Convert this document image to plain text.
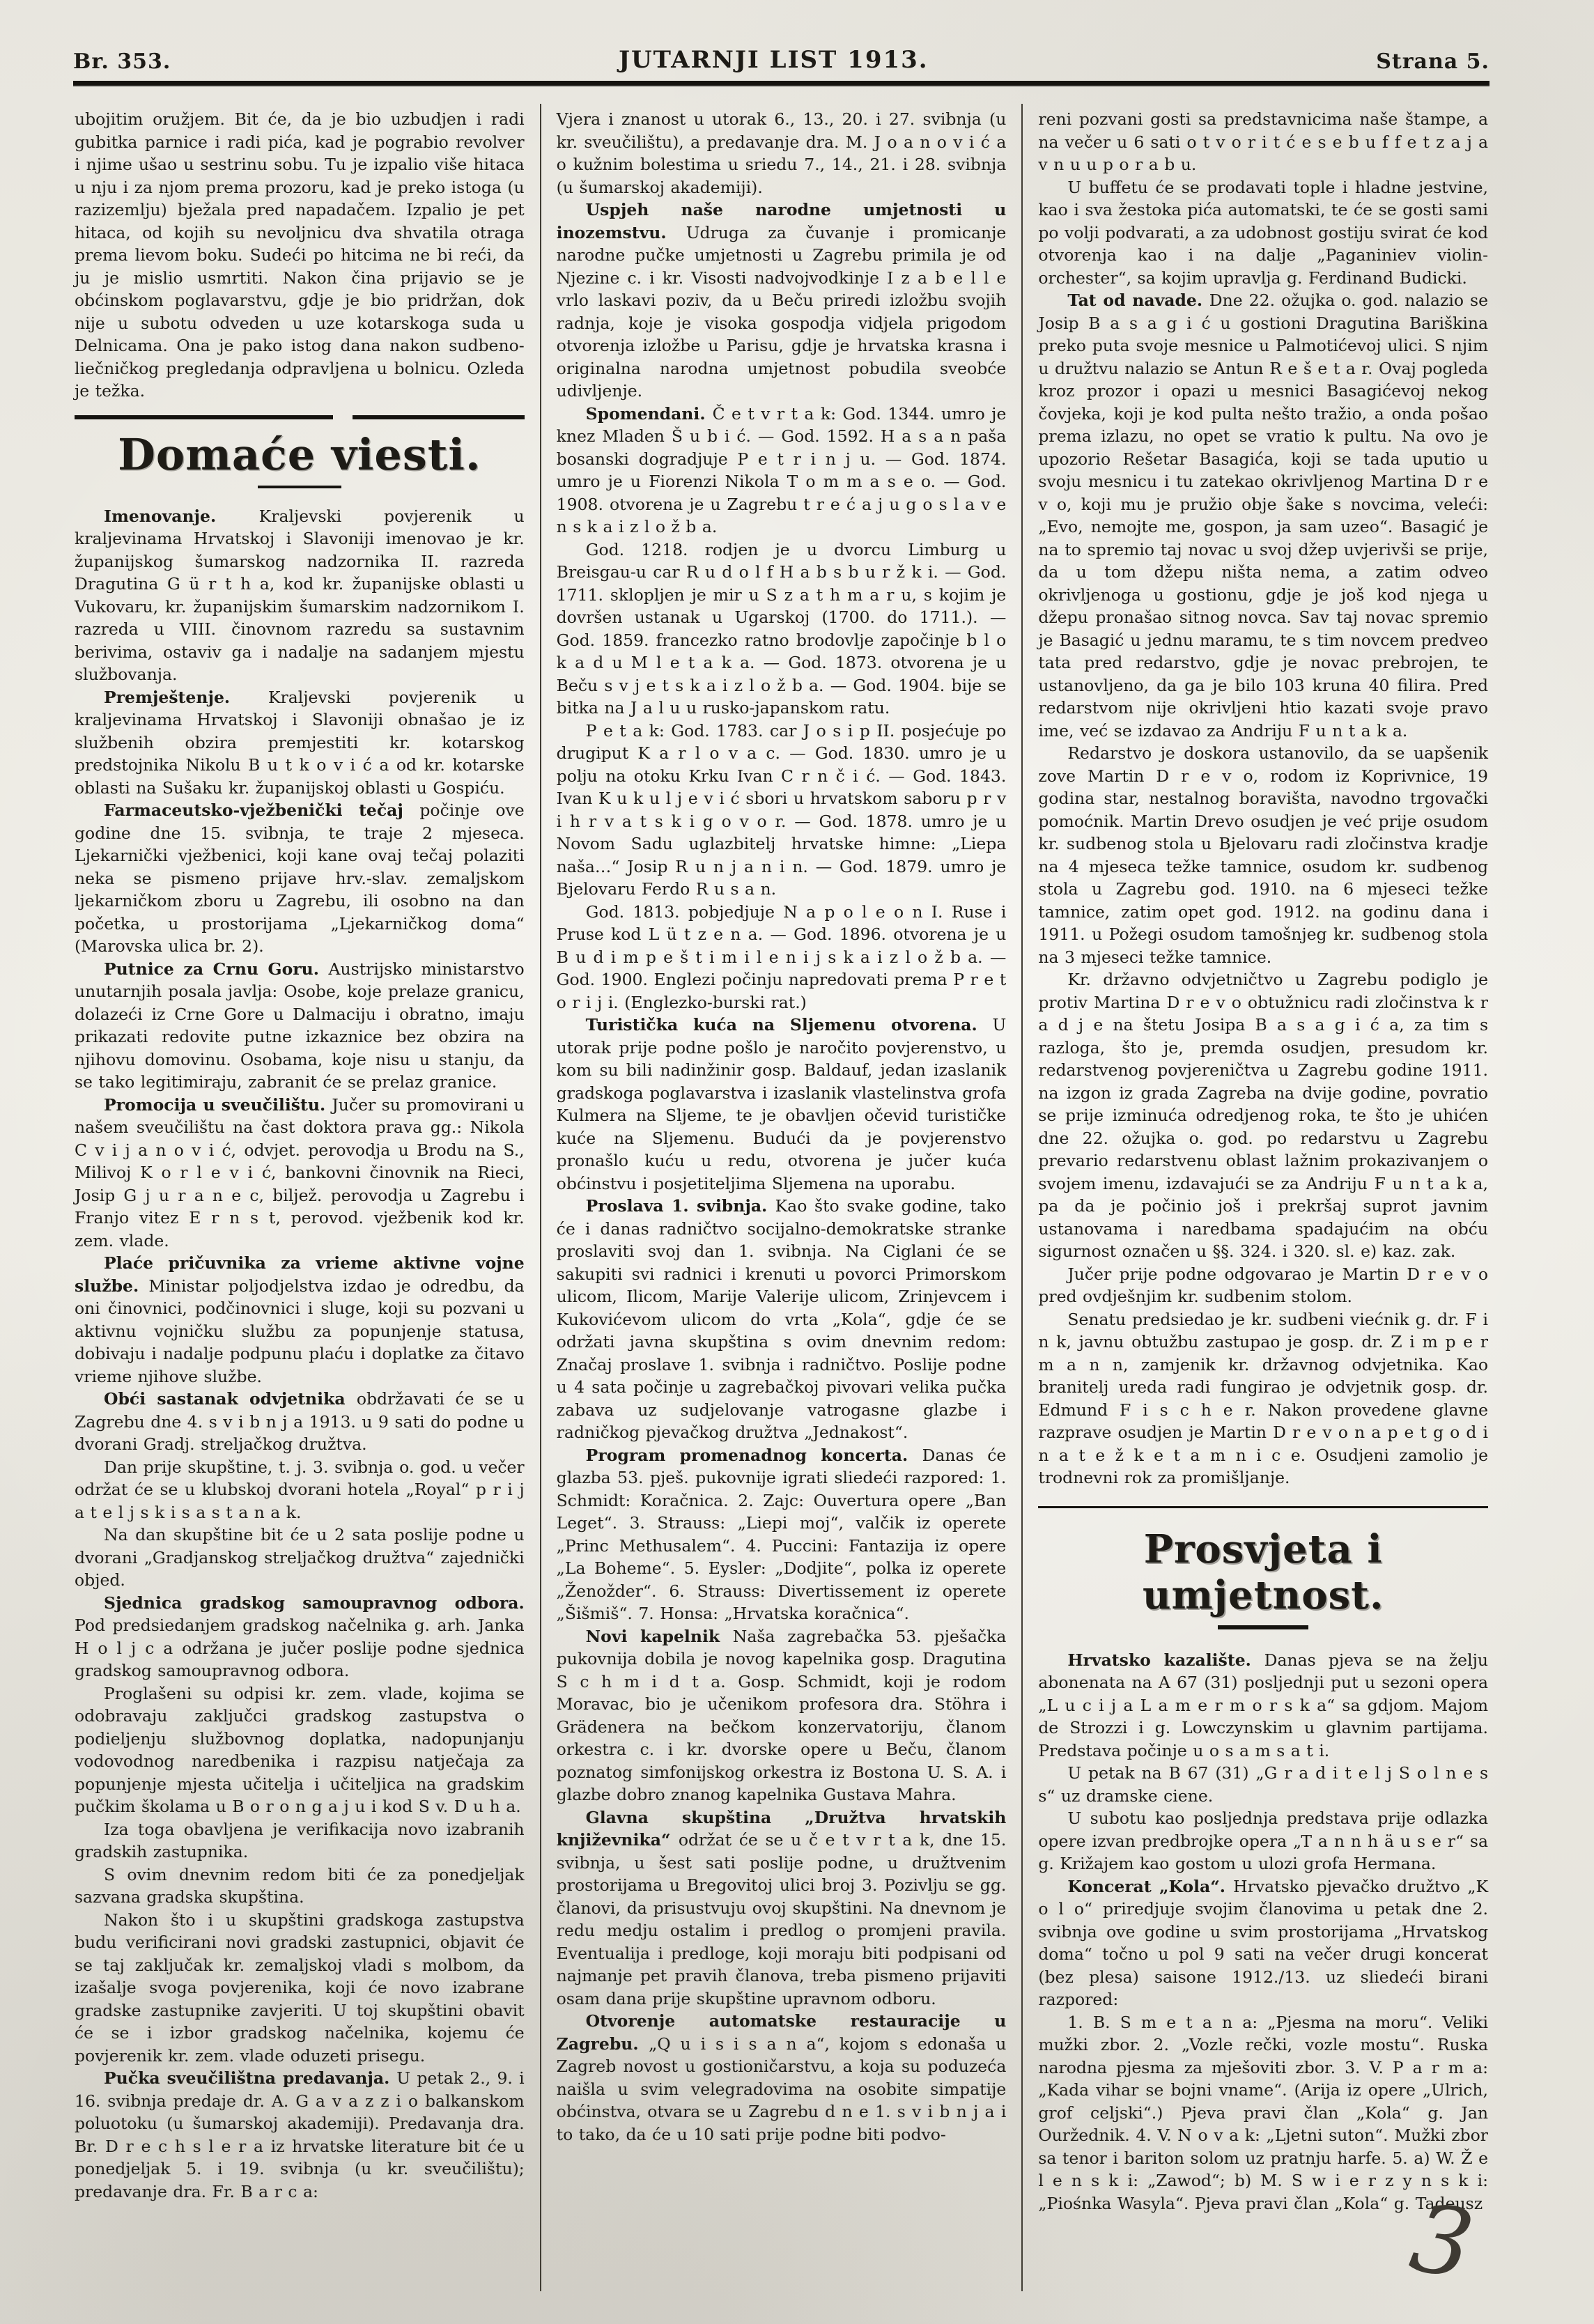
Br. 353.	JUTARNJI LIST 1913.	Strana 5.
ubojitim oružjem. Bit će, da je bio uzbudjen i radi gubitka parnice i radi pića, kad je pograbio revolver i njime ušao u sestrinu sobu. Tu je izpalio više hitaca u nju i za njom prema prozoru, kad je preko istoga (u razizemlju) bježala pred napadačem. Izpalio je pet hitaca, od kojih su nevoljnicu dva shvatila otraga prema lievom boku. Sudeći po hitcima ne bi reći, da ju je mislio usmrtiti. Nakon čina prijavio se je obćinskom poglavarstvu, gdje je bio pridržan, dok nije u subotu odveden u uze kotarskoga suda u Delnicama. Ona je pako istog dana nakon sudbeno-liečničkog pregledanja odpravljena u bolnicu. Ozleda je težka.
Domaće viesti.
Imenovanje. Kraljevski povjerenik u kraljevinama Hrvatskoj i Slavoniji imenovao je kr. županijskog šumarskog nadzornika II. razreda Dragutina G ü r t h a, kod kr. županijske oblasti u Vukovaru, kr. županijskim šumarskim nadzornikom I. razreda u VIII. činovnom razredu sa sustavnim berivima, ostaviv ga i nadalje na sadanjem mjestu službovanja.
Premještenje. Kraljevski povjerenik u kraljevinama Hrvatskoj i Slavoniji obnašao je iz službenih obzira premjestiti kr. kotarskog predstojnika Nikolu B u t k o v i ć a od kr. kotarske oblasti na Sušaku kr. županijskoj oblasti u Gospiću.
Farmaceutsko-vježbenički tečaj počinje ove godine dne 15. svibnja, te traje 2 mjeseca. Ljekarnički vježbenici, koji kane ovaj tečaj polaziti neka se pismeno prijave hrv.-slav. zemaljskom ljekarničkom zboru u Zagrebu, ili osobno na dan početka, u prostorijama „Ljekarničkog doma“ (Marovska ulica br. 2).
Putnice za Crnu Goru. Austrijsko ministarstvo unutarnjih posala javlja: Osobe, koje prelaze granicu, dolazeći iz Crne Gore u Dalmaciju i obratno, imaju prikazati redovite putne izkaznice bez obzira na njihovu domovinu. Osobama, koje nisu u stanju, da se tako legitimiraju, zabranit će se prelaz granice.
Promocija u sveučilištu. Jučer su promovirani u našem sveučilištu na čast doktora prava gg.: Nikola C v i j a n o v i ć, odvjet. perovodja u Brodu na S., Milivoj K o r l e v i ć, bankovni činovnik na Rieci, Josip G j u r a n e c, biljež. perovodja u Zagrebu i Franjo vitez E r n s t, perovod. vježbenik kod kr. zem. vlade.
Plaće pričuvnika za vrieme aktivne vojne službe. Ministar poljodjelstva izdao je odredbu, da oni činovnici, podčinovnici i sluge, koji su pozvani u aktivnu vojničku službu za popunjenje statusa, dobivaju i nadalje podpunu plaću i doplatke za čitavo vrieme njihove službe.
Obći sastanak odvjetnika obdržavati će se u Zagrebu dne 4. s v i b n j a 1913. u 9 sati do podne u dvorani Gradj. streljačkog družtva.
Dan prije skupštine, t. j. 3. svibnja o. god. u večer održat će se u klubskoj dvorani hotela „Royal“ p r i j a t e l j s k i s a s t a n a k.
Na dan skupštine bit će u 2 sata poslije podne u dvorani „Gradjanskog streljačkog družtva“ zajednički objed.
Sjednica gradskog samoupravnog odbora. Pod predsiedanjem gradskog načelnika g. arh. Janka H o l j c a održana je jučer poslije podne sjednica gradskog samoupravnog odbora.
Proglašeni su odpisi kr. zem. vlade, kojima se odobravaju zaključci gradskog zastupstva o podieljenju službovnog doplatka, nadopunjanju vodovodnog naredbenika i razpisu natječaja za popunjenje mjesta učitelja i učiteljica na gradskim pučkim školama u B o r o n g a j u i kod S v. D u h a.
Iza toga obavljena je verifikacija novo izabranih gradskih zastupnika.
S ovim dnevnim redom biti će za ponedjeljak sazvana gradska skupština.
Nakon što i u skupštini gradskoga zastupstva budu verificirani novi gradski zastupnici, objavit će se taj zaključak kr. zemaljskoj vladi s molbom, da izašalje svoga povjerenika, koji će novo izabrane gradske zastupnike zavjeriti. U toj skupštini obavit će se i izbor gradskog načelnika, kojemu će povjerenik kr. zem. vlade oduzeti prisegu.
Pučka sveučilištna predavanja. U petak 2., 9. i 16. svibnja predaje dr. A. G a v a z z i o balkanskom poluotoku (u šumarskoj akademiji). Predavanja dra. Br. D r e c h s l e r a iz hrvatske literature bit će u ponedjeljak 5. i 19. svibnja (u kr. sveučilištu); predavanje dra. Fr. B a r c a:
Vjera i znanost u utorak 6., 13., 20. i 27. svibnja (u kr. sveučilištu), a predavanje dra. M. J o a n o v i ć a o kužnim bolestima u sriedu 7., 14., 21. i 28. svibnja (u šumarskoj akademiji).
Uspjeh naše narodne umjetnosti u inozemstvu. Udruga za čuvanje i promicanje narodne pučke umjetnosti u Zagrebu primila je od Njezine c. i kr. Visosti nadvojvodkinje I z a b e l l e vrlo laskavi poziv, da u Beču priredi izložbu svojih radnja, koje je visoka gospodja vidjela prigodom otvorenja izložbe u Parisu, gdje je hrvatska krasna i originalna narodna umjetnost pobudila sveobće udivljenje.
Spomendani. Č e t v r t a k: God. 1344. umro je knez Mladen Š u b i ć. — God. 1592. H a s a n paša bosanski dogradjuje P e t r i n j u. — God. 1874. umro je u Fiorenzi Nikola T o m m a s e o. — God. 1908. otvorena je u Zagrebu t r e ć a j u g o s l a v e n s k a i z l o ž b a.
God. 1218. rodjen je u dvorcu Limburg u Breisgau-u car R u d o l f H a b s b u r ž k i. — God. 1711. sklopljen je mir u S z a t h m a r u, s kojim je dovršen ustanak u Ugarskoj (1700. do 1711.). — God. 1859. francezko ratno brodovlje započinje b l o k a d u M l e t a k a. — God. 1873. otvorena je u Beču s v j e t s k a i z l o ž b a. — God. 1904. bije se bitka na J a l u u rusko-japanskom ratu.
P e t a k: God. 1783. car J o s i p II. posjećuje po drugiput K a r l o v a c. — God. 1830. umro je u polju na otoku Krku Ivan C r n č i ć. — God. 1843. Ivan K u k u l j e v i ć sbori u hrvatskom saboru p r v i h r v a t s k i g o v o r. — God. 1878. umro je u Novom Sadu uglazbitelj hrvatske himne: „Liepa naša…“ Josip R u n j a n i n. — God. 1879. umro je Bjelovaru Ferdo R u s a n.
God. 1813. pobjedjuje N a p o l e o n I. Ruse i Pruse kod L ü t z e n a. — God. 1896. otvorena je u B u d i m p e š t i m i l e n i j s k a i z l o ž b a. — God. 1900. Englezi počinju napredovati prema P r e t o r i j i. (Englezko-burski rat.)
Turistička kuća na Sljemenu otvorena. U utorak prije podne pošlo je naročito povjerenstvo, u kom su bili nadinžinir gosp. Baldauf, jedan izaslanik gradskoga poglavarstva i izaslanik vlastelinstva grofa Kulmera na Sljeme, te je obavljen očevid turističke kuće na Sljemenu. Budući da je povjerenstvo pronašlo kuću u redu, otvorena je jučer kuća obćinstvu i posjetiteljima Sljemena na uporabu.
Proslava 1. svibnja. Kao što svake godine, tako će i danas radničtvo socijalno-demokratske stranke proslaviti svoj dan 1. svibnja. Na Ciglani će se sakupiti svi radnici i krenuti u povorci Primorskom ulicom, Ilicom, Marije Valerije ulicom, Zrinjevcem i Kukovićevom ulicom do vrta „Kola“, gdje će se održati javna skupština s ovim dnevnim redom: Značaj proslave 1. svibnja i radničtvo. Poslije podne u 4 sata počinje u zagrebačkoj pivovari velika pučka zabava uz sudjelovanje vatrogasne glazbe i radničkog pjevačkog družtva „Jednakost“.
Program promenadnog koncerta. Danas će glazba 53. pješ. pukovnije igrati sliedeći razpored: 1. Schmidt: Koračnica. 2. Zajc: Ouvertura opere „Ban Leget“. 3. Strauss: „Liepi moj“, valčik iz operete „Princ Methusalem“. 4. Puccini: Fantazija iz opere „La Boheme“. 5. Eysler: „Dodjite“, polka iz operete „Ženožder“. 6. Strauss: Divertissement iz operete „Šišmiš“. 7. Honsa: „Hrvatska koračnica“.
Novi kapelnik Naša zagrebačka 53. pješačka pukovnija dobila je novog kapelnika gosp. Dragutina S c h m i d t a. Gosp. Schmidt, koji je rodom Moravac, bio je učenikom profesora dra. Stöhra i Grädenera na bečkom konzervatoriju, članom orkestra c. i kr. dvorske opere u Beču, članom poznatog simfonijskog orkestra iz Bostona U. S. A. i glazbe dobro znanog kapelnika Gustava Mahra.
Glavna skupština „Družtva hrvatskih književnika“ održat će se u č e t v r t a k, dne 15. svibnja, u šest sati poslije podne, u družtvenim prostorijama u Bregovitoj ulici broj 3. Pozivlju se gg. članovi, da prisustvuju ovoj skupštini. Na dnevnom je redu medju ostalim i predlog o promjeni pravila. Eventualija i predloge, koji moraju biti podpisani od najmanje pet pravih članova, treba pismeno prijaviti osam dana prije skupštine upravnom odboru.
Otvorenje automatske restauracije u Zagrebu. „Q u i s i s a n a“, kojom s edonaša u Zagreb novost u gostioničarstvu, a koja su poduzeća naišla u svim velegradovima na osobite simpatije obćinstva, otvara se u Zagrebu d n e 1. s v i b n j a i to tako, da će u 10 sati prije podne biti podvo-
reni pozvani gosti sa predstavnicima naše štampe, a na večer u 6 sati o t v o r i t ć e s e b u f f e t z a j a v n u u p o r a b u.
U buffetu će se prodavati tople i hladne jestvine, kao i sva žestoka pića automatski, te će se gosti sami po volji podvarati, a za udobnost gostiju svirat će kod otvorenja kao i na dalje „Paganiniev violin-orchester“, sa kojim upravlja g. Ferdinand Budicki.
Tat od navade. Dne 22. ožujka o. god. nalazio se Josip B a s a g i ć u gostioni Dragutina Bariškina preko puta svoje mesnice u Palmotićevoj ulici. S njim u družtvu nalazio se Antun R e š e t a r. Ovaj pogleda kroz prozor i opazi u mesnici Basagićevoj nekog čovjeka, koji je kod pulta nešto tražio, a onda pošao prema izlazu, no opet se vratio k pultu. Na ovo je upozorio Rešetar Basagića, koji se tada uputio u svoju mesnicu i tu zatekao okrivljenog Martina D r e v o, koji mu je pružio obje šake s novcima, veleći: „Evo, nemojte me, gospon, ja sam uzeo“. Basagić je na to spremio taj novac u svoj džep uvjerivši se prije, da u tom džepu ništa nema, a zatim odveo okrivljenoga u gostionu, gdje je još kod njega u džepu pronašao sitnog novca. Sav taj novac spremio je Basagić u jednu maramu, te s tim novcem predveo tata pred redarstvo, gdje je novac prebrojen, te ustanovljeno, da ga je bilo 103 kruna 40 filira. Pred redarstvom nije okrivljeni htio kazati svoje pravo ime, već se izdavao za Andriju F u n t a k a.
Redarstvo je doskora ustanovilo, da se uapšenik zove Martin D r e v o, rodom iz Koprivnice, 19 godina star, nestalnog boravišta, navodno trgovački pomoćnik. Martin Drevo osudjen je već prije osudom kr. sudbenog stola u Bjelovaru radi zločinstva kradje na 4 mjeseca težke tamnice, osudom kr. sudbenog stola u Zagrebu god. 1910. na 6 mjeseci težke tamnice, zatim opet god. 1912. na godinu dana i 1911. u Požegi osudom tamošnjeg kr. sudbenog stola na 3 mjeseci težke tamnice.
Kr. državno odvjetničtvo u Zagrebu podiglo je protiv Martina D r e v o obtužnicu radi zločinstva k r a d j e na štetu Josipa B a s a g i ć a, za tim s razloga, što je, premda osudjen, presudom kr. redarstvenog povjereničtva u Zagrebu godine 1911. na izgon iz grada Zagreba na dvije godine, povratio se prije izminuća odredjenog roka, te što je uhićen dne 22. ožujka o. god. po redarstvu u Zagrebu prevario redarstvenu oblast lažnim prokazivanjem o svojem imenu, izdavajući se za Andriju F u n t a k a, pa da je počinio još i prekršaj suprot javnim ustanovama i naredbama spadajućim na obću sigurnost označen u §§. 324. i 320. sl. e) kaz. zak.
Jučer prije podne odgovarao je Martin D r e v o pred ovdješnjim kr. sudbenim stolom.
Senatu predsiedao je kr. sudbeni viećnik g. dr. F i n k, javnu obtužbu zastupao je gosp. dr. Z i m p e r m a n n, zamjenik kr. državnog odvjetnika. Kao branitelj ureda radi fungirao je odvjetnik gosp. dr. Edmund F i s c h e r. Nakon provedene glavne razprave osudjen je Martin D r e v o n a p e t g o d i n a t e ž k e t a m n i c e. Osudjeni zamolio je trodnevni rok za promišljanje.
Prosvjeta i umjetnost.
Hrvatsko kazalište. Danas pjeva se na želju abonenata na A 67 (31) posljednji put u sezoni opera „L u c i j a L a m e r m o r s k a“ sa gdjom. Majom de Strozzi i g. Lowczynskim u glavnim partijama. Predstava počinje u o s a m s a t i.
U petak na B 67 (31) „G r a d i t e l j S o l n e s s“ uz dramske ciene.
U subotu kao posljednja predstava prije odlazka opere izvan predbrojke opera „T a n n h ä u s e r“ sa g. Križajem kao gostom u ulozi grofa Hermana.
Koncerat „Kola“. Hrvatsko pjevačko družtvo „K o l o“ priredjuje svojim članovima u petak dne 2. svibnja ove godine u svim prostorijama „Hrvatskog doma“ točno u pol 9 sati na večer drugi koncerat (bez plesa) saisone 1912./13. uz sliedeći birani razpored:
1. B. S m e t a n a: „Pjesma na moru“. Veliki mužki zbor. 2. „Vozle rečki, vozle mostu“. Ruska narodna pjesma za mješoviti zbor. 3. V. P a r m a: „Kada vihar se bojni vname“. (Arija iz opere „Ulrich, grof celjski“.) Pjeva pravi član „Kola“ g. Jan Ouržednik. 4. V. N o v a k: „Ljetni suton“. Mužki zbor sa tenor i bariton solom uz pratnju harfe. 5. a) W. Ž e l e n s k i: „Zawod“; b) M. S w i e r z y n s k i: „Piośnka Wasyla“. Pjeva pravi član „Kola“ g. Tadeusz
3
